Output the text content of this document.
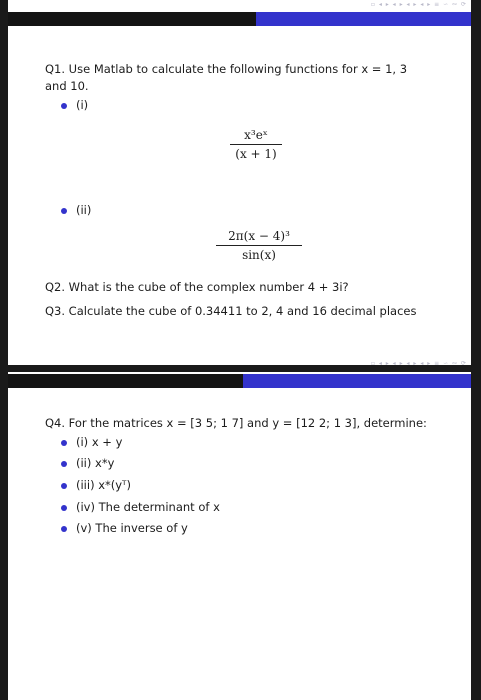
▫ ◂ ▸ ◂ ▸ ◂ ▸ ◂ ▸ ≡ ∽ ∾ ⟳
Q1. Use Matlab to calculate the following functions for x = 1, 3
and 10.
(i)
x³eˣ
(x + 1)
(ii)
2π(x − 4)³
sin(x)
Q2. What is the cube of the complex number 4 + 3i?
Q3. Calculate the cube of 0.34411 to 2, 4 and 16 decimal places
▫ ◂ ▸ ◂ ▸ ◂ ▸ ◂ ▸ ≡ ∽ ∾ ⟳
Q4. For the matrices x = [3 5; 1 7] and y = [12 2; 1 3], determine:
(i) x + y
(ii) x*y
(iii) x*(yᵀ)
(iv) The determinant of x
(v) The inverse of y
